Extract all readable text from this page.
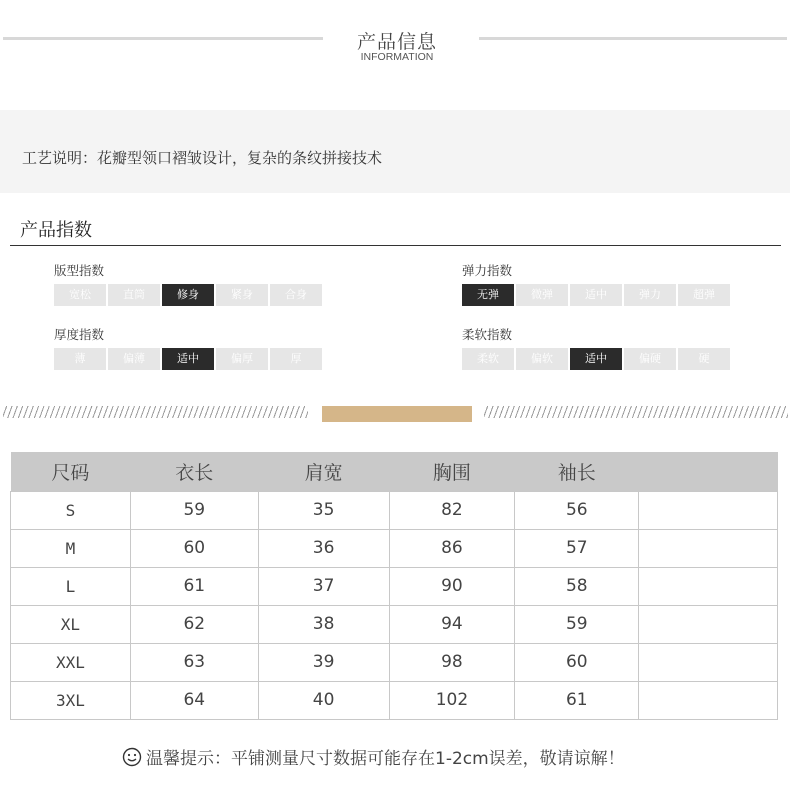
产品信息
INFORMATION
工艺说明：花瓣型领口褶皱设计，复杂的条纹拼接技术
产品指数
版型指数
宽松	直筒	修身	紧身	合身
弹力指数
无弹	微弹	适中	弹力	超弹
厚度指数
薄	偏薄	适中	偏厚	厚
柔软指数
柔软	偏软	适中	偏硬	硬
尺码	衣长	肩宽	胸围	袖长	
S	59	35	82	56	
M	60	36	86	57	
L	61	37	90	58	
XL	62	38	94	59	
XXL	63	39	98	60	
3XL	64	40	102	61	
温馨提示：平铺测量尺寸数据可能存在1-2cm误差，敬请谅解！
